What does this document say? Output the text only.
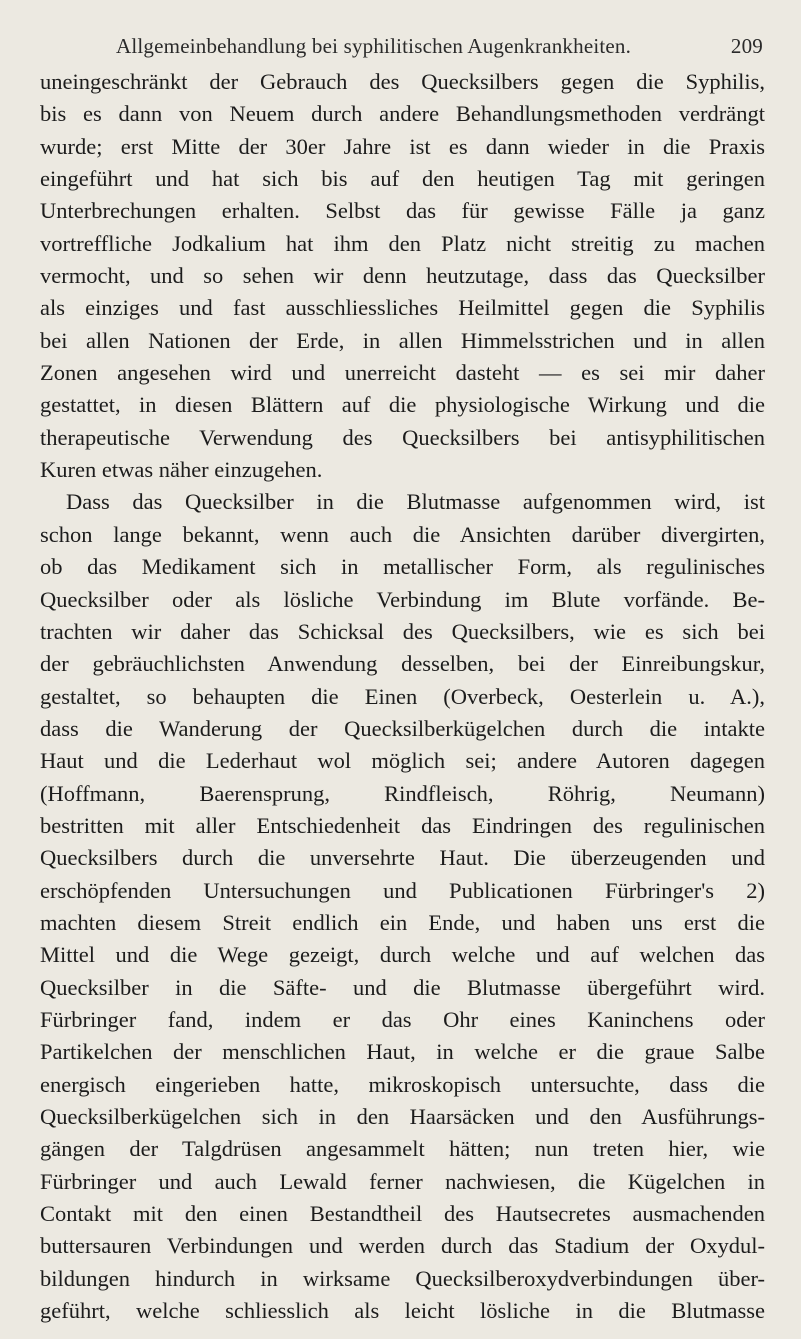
Allgemeinbehandlung bei syphilitischen Augenkrankheiten.	209
uneingeschränkt der Gebrauch des Quecksilbers gegen die Syphilis,
bis es dann von Neuem durch andere Behandlungsmethoden verdrängt
wurde; erst Mitte der 30er Jahre ist es dann wieder in die Praxis
eingeführt und hat sich bis auf den heutigen Tag mit geringen
Unterbrechungen erhalten. Selbst das für gewisse Fälle ja ganz
vortreffliche Jodkalium hat ihm den Platz nicht streitig zu machen
vermocht, und so sehen wir denn heutzutage, dass das Quecksilber
als einziges und fast ausschliessliches Heilmittel gegen die Syphilis
bei allen Nationen der Erde, in allen Himmelsstrichen und in allen
Zonen angesehen wird und unerreicht dasteht — es sei mir daher
gestattet, in diesen Blättern auf die physiologische Wirkung und die
therapeutische Verwendung des Quecksilbers bei antisyphilitischen
Kuren etwas näher einzugehen.
Dass das Quecksilber in die Blutmasse aufgenommen wird, ist
schon lange bekannt, wenn auch die Ansichten darüber divergirten,
ob das Medikament sich in metallischer Form, als regulinisches
Quecksilber oder als lösliche Verbindung im Blute vorfände. Be-
trachten wir daher das Schicksal des Quecksilbers, wie es sich bei
der gebräuchlichsten Anwendung desselben, bei der Einreibungskur,
gestaltet, so behaupten die Einen (Overbeck, Oesterlein u. A.),
dass die Wanderung der Quecksilberkügelchen durch die intakte
Haut und die Lederhaut wol möglich sei; andere Autoren dagegen
(Hoffmann, Baerensprung, Rindfleisch, Röhrig, Neumann)
bestritten mit aller Entschiedenheit das Eindringen des regulinischen
Quecksilbers durch die unversehrte Haut. Die überzeugenden und
erschöpfenden Untersuchungen und Publicationen Fürbringer's 2)
machten diesem Streit endlich ein Ende, und haben uns erst die
Mittel und die Wege gezeigt, durch welche und auf welchen das
Quecksilber in die Säfte- und die Blutmasse übergeführt wird.
Fürbringer fand, indem er das Ohr eines Kaninchens oder
Partikelchen der menschlichen Haut, in welche er die graue Salbe
energisch eingerieben hatte, mikroskopisch untersuchte, dass die
Quecksilberkügelchen sich in den Haarsäcken und den Ausführungs-
gängen der Talgdrüsen angesammelt hätten; nun treten hier, wie
Fürbringer und auch Lewald ferner nachwiesen, die Kügelchen in
Contakt mit den einen Bestandtheil des Hautsecretes ausmachenden
buttersauren Verbindungen und werden durch das Stadium der Oxydul-
bildungen hindurch in wirksame Quecksilberoxydverbindungen über-
geführt, welche schliesslich als leicht lösliche in die Blutmasse
